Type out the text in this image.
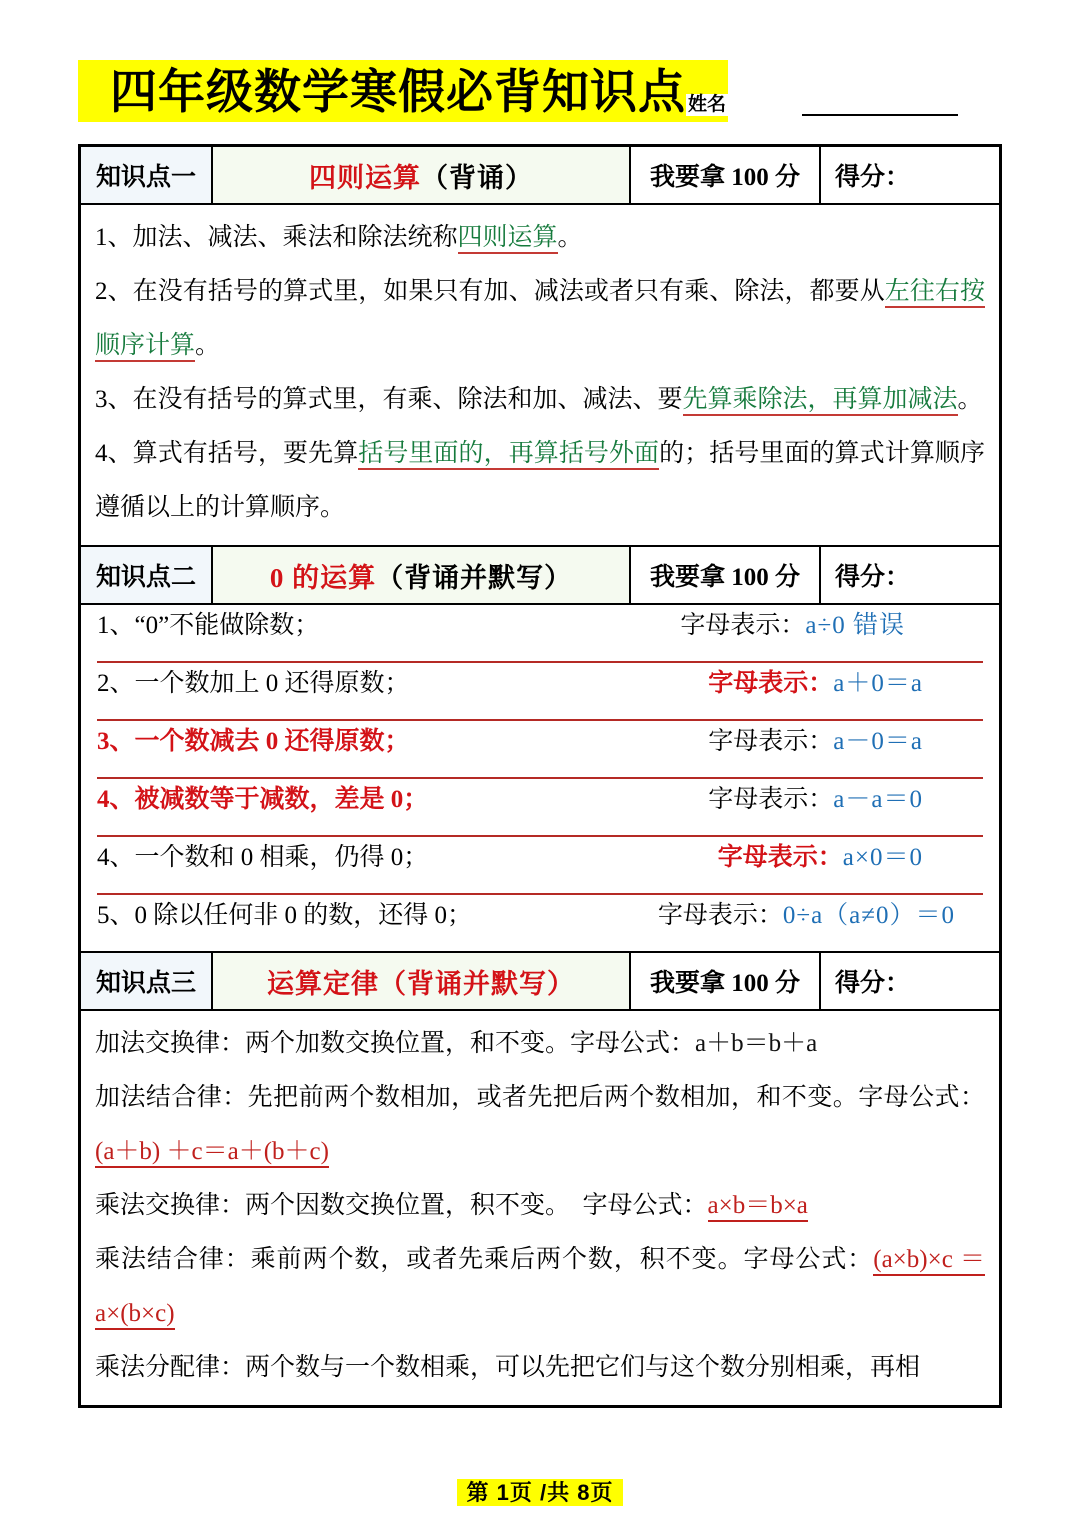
四年级数学寒假必背知识点 姓名
知识点一	四则运算 （背诵）	我要拿 100 分	得分：
1、加法、减法、乘法和除法统称四则运算。
2、在没有括号的算式里，如果只有加、减法或者只有乘、除法，都要从左往右按顺序计算。
3、在没有括号的算式里，有乘、除法和加、减法、要先算乘除法，再算加减法。
4、算式有括号，要先算括号里面的，再算括号外面的；括号里面的算式计算顺序遵循以上的计算顺序。
知识点二	0 的运算 （背诵并默写）	我要拿 100 分	得分：
1、“0”不能做除数；	字母表示：a÷0 错误
2、一个数加上 0 还得原数；	字母表示：a＋0＝a
3、一个数减去 0 还得原数；	字母表示：a－0＝a
4、被减数等于减数，差是 0；	字母表示：a－a＝0
4、一个数和 0 相乘，仍得 0；	字母表示：a×0＝0
5、0 除以任何非 0 的数，还得 0；	字母表示：0÷a（a≠0）＝0
知识点三	运算定律（背诵并默写）	我要拿 100 分	得分：
加法交换律：两个加数交换位置，和不变。字母公式：a＋b＝b＋a
加法结合律：先把前两个数相加，或者先把后两个数相加，和不变。字母公式：(a＋b) ＋c＝a＋(b＋c)
乘法交换律：两个因数交换位置，积不变。　字母公式：a×b＝b×a
乘法结合律：乘前两个数，或者先乘后两个数，积不变。字母公式：(a×b)×c ＝a×(b×c)
乘法分配律：两个数与一个数相乘，可以先把它们与这个数分别相乘，再相
第 1页 /共 8页
